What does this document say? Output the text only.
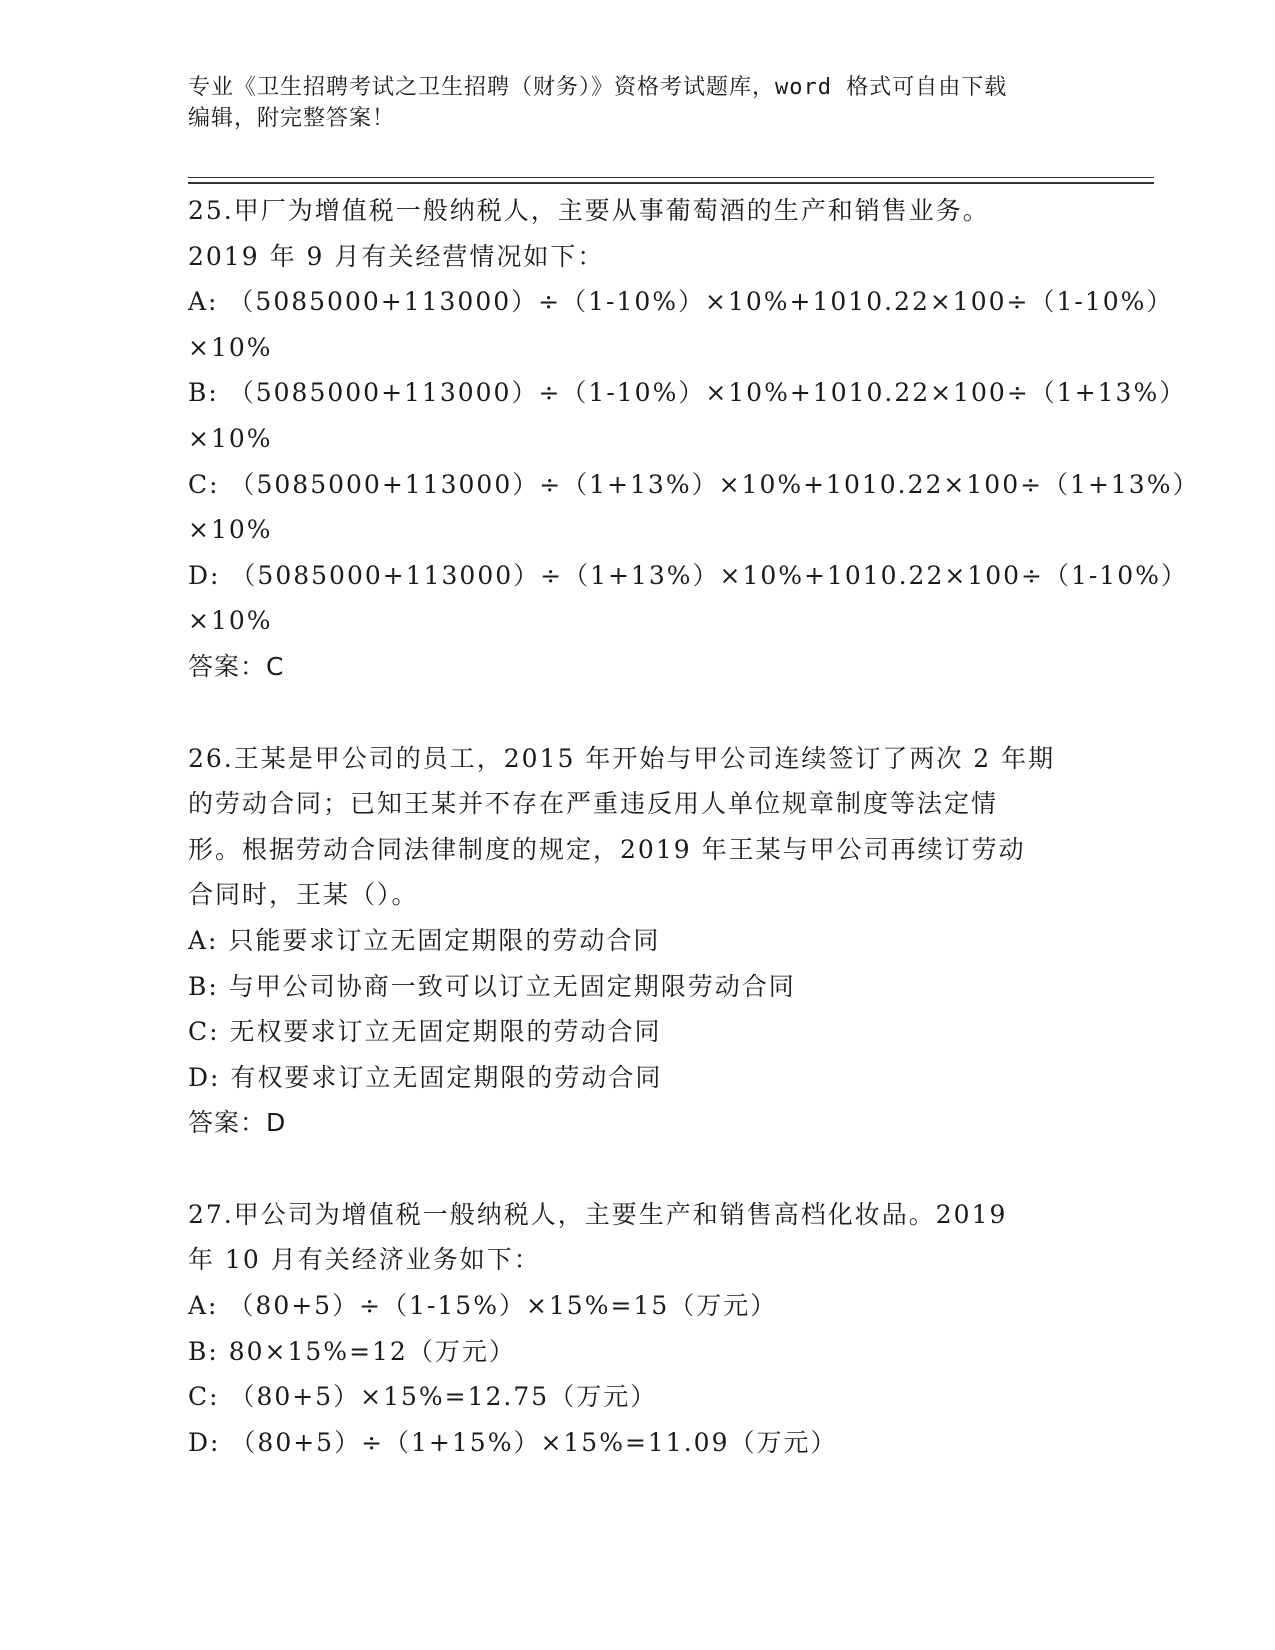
专业《卫生招聘考试之卫生招聘（财务）》资格考试题库，word 格式可自由下载
编辑，附完整答案！
25.甲厂为增值税一般纳税人，主要从事葡萄酒的生产和销售业务。
2019 年 9 月有关经营情况如下：
A: （5085000+113000）÷（1-10%）×10%+1010.22×100÷（1-10%）
×10%
B: （5085000+113000）÷（1-10%）×10%+1010.22×100÷（1+13%）
×10%
C: （5085000+113000）÷（1+13%）×10%+1010.22×100÷（1+13%）
×10%
D: （5085000+113000）÷（1+13%）×10%+1010.22×100÷（1-10%）
×10%
答案：C
26.王某是甲公司的员工，2015 年开始与甲公司连续签订了两次 2 年期
的劳动合同；已知王某并不存在严重违反用人单位规章制度等法定情
形。根据劳动合同法律制度的规定，2019 年王某与甲公司再续订劳动
合同时，王某（）。
A: 只能要求订立无固定期限的劳动合同
B: 与甲公司协商一致可以订立无固定期限劳动合同
C: 无权要求订立无固定期限的劳动合同
D: 有权要求订立无固定期限的劳动合同
答案：D
27.甲公司为增值税一般纳税人，主要生产和销售高档化妆品。2019
年 10 月有关经济业务如下：
A: （80+5）÷（1-15%）×15%=15（万元）
B: 80×15%=12（万元）
C: （80+5）×15%=12.75（万元）
D: （80+5）÷（1+15%）×15%=11.09（万元）
